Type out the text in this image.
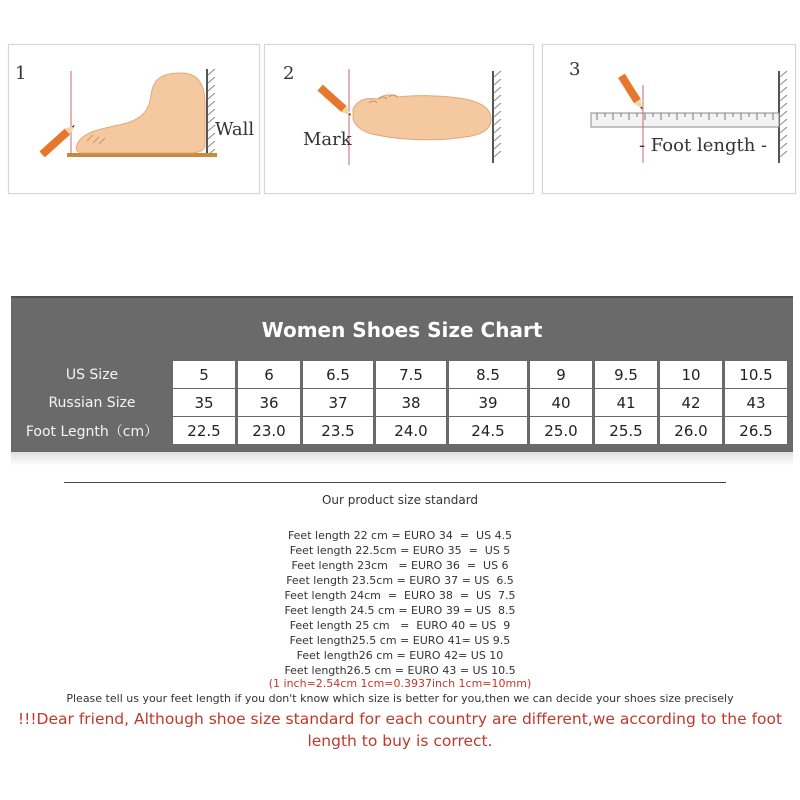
1
Wall
2
Mark
3
- Foot length -
Women Shoes Size Chart
US Size	5	6	6.5	7.5	8.5	9	9.5	10	10.5
Russian Size	35	36	37	38	39	40	41	42	43
Foot Legnth（cm）	22.5	23.0	23.5	24.0	24.5	25.0	25.5	26.0	26.5
Our product size standard
Feet length 22 cm = EURO 34  =  US 4.5
Feet length 22.5cm = EURO 35  =  US 5
Feet length 23cm   = EURO 36  =  US 6
Feet length 23.5cm = EURO 37 = US  6.5
Feet length 24cm  =  EURO 38  =  US  7.5
Feet length 24.5 cm = EURO 39 = US  8.5
Feet length 25 cm   =  EURO 40 = US  9
Feet length25.5 cm = EURO 41= US 9.5
Feet length26 cm = EURO 42= US 10
Feet length26.5 cm = EURO 43 = US 10.5
(1 inch=2.54cm 1cm=0.3937inch 1cm=10mm)
Please tell us your feet length if you don't know which size is better for you,then we can decide your shoes size precisely
!!!Dear friend, Although shoe size standard for each country are different,we according to the foot
length to buy is correct.
